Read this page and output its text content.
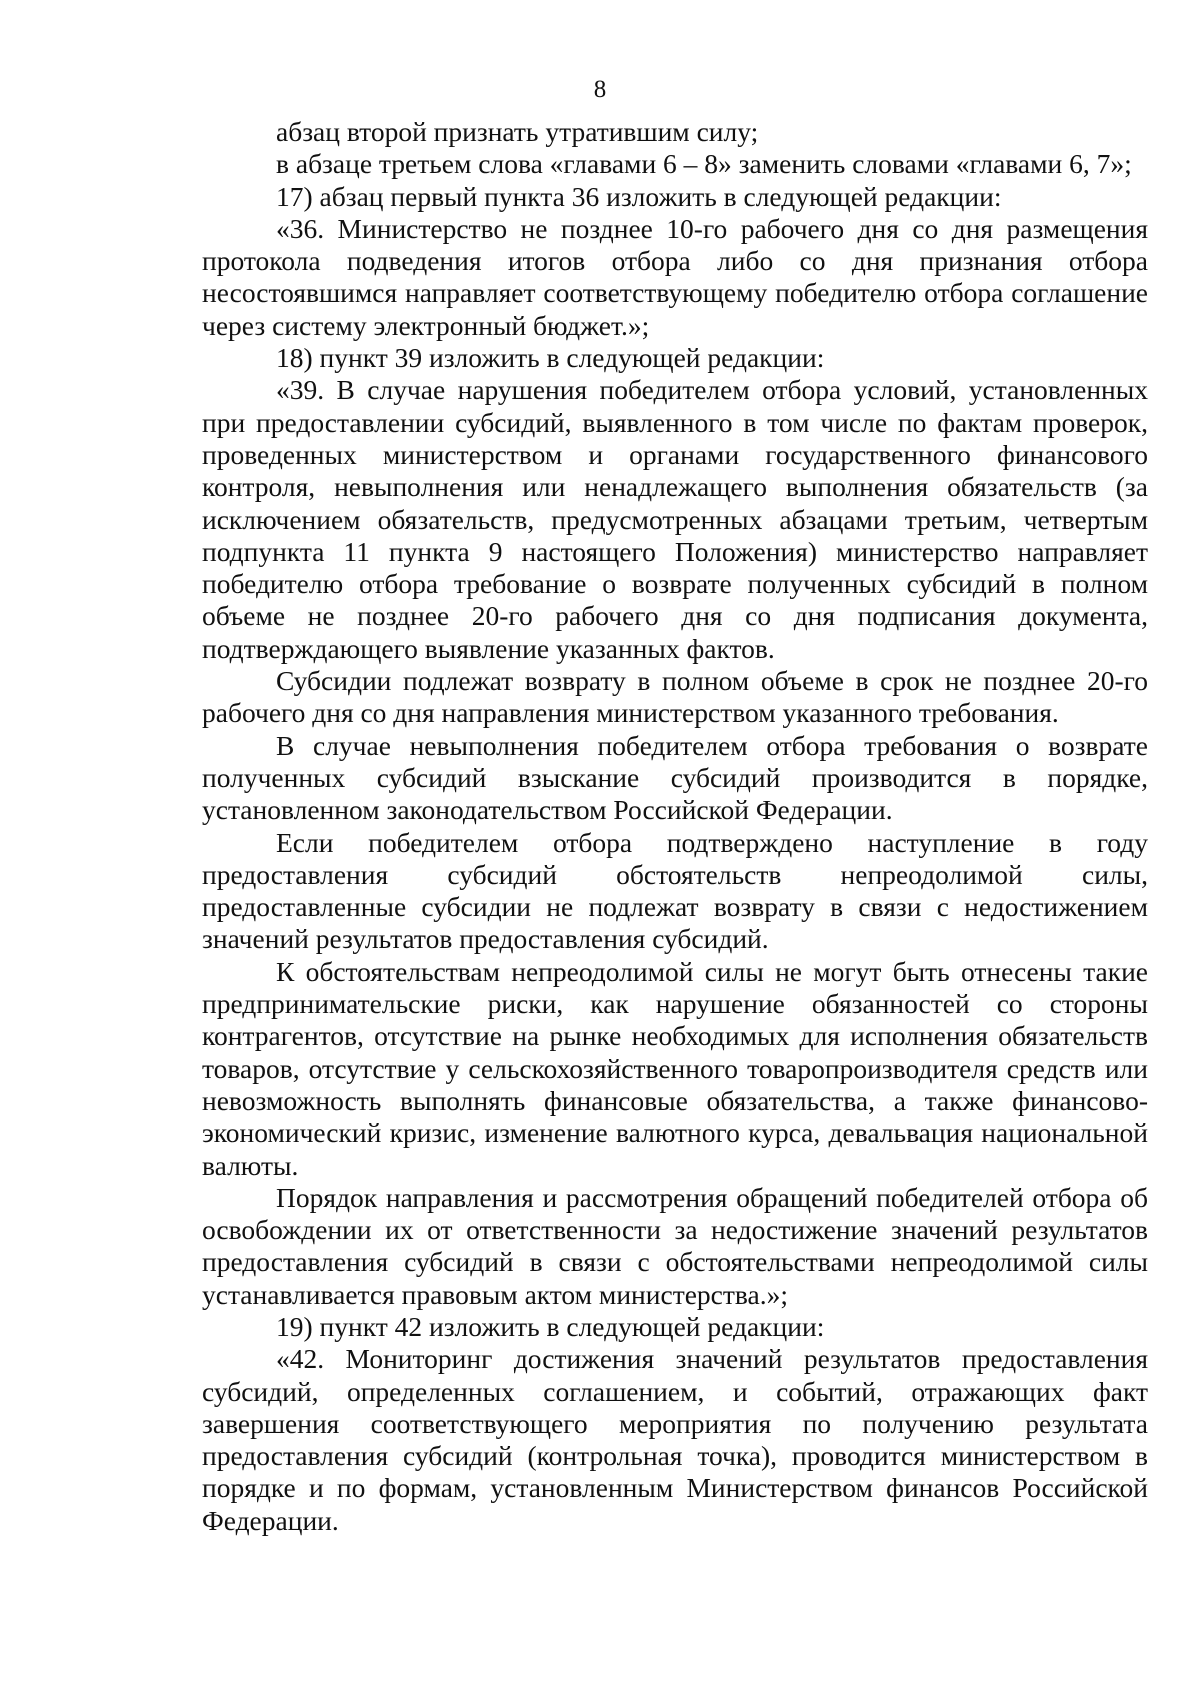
8

абзац второй признать утратившим силу;

в абзаце третьем слова «главами 6 – 8» заменить словами «главами 6, 7»;

17) абзац первый пункта 36 изложить в следующей редакции:

«36. Министерство не позднее 10-го рабочего дня со дня размещения протокола подведения итогов отбора либо со дня признания отбора несостоявшимся направляет соответствующему победителю отбора соглашение через систему электронный бюджет.»;

18) пункт 39 изложить в следующей редакции:

«39. В случае нарушения победителем отбора условий, установленных при предоставлении субсидий, выявленного в том числе по фактам проверок, проведенных министерством и органами государственного финансового контроля, невыполнения или ненадлежащего выполнения обязательств (за исключением обязательств, предусмотренных абзацами третьим, четвертым подпункта 11 пункта 9 настоящего Положения) министерство направляет победителю отбора требование о возврате полученных субсидий в полном объеме не позднее 20-го рабочего дня со дня подписания документа, подтверждающего выявление указанных фактов.

Субсидии подлежат возврату в полном объеме в срок не позднее 20-го рабочего дня со дня направления министерством указанного требования.

В случае невыполнения победителем отбора требования о возврате полученных субсидий взыскание субсидий производится в порядке, установленном законодательством Российской Федерации.

Если победителем отбора подтверждено наступление в году предоставления субсидий обстоятельств непреодолимой силы, предоставленные субсидии не подлежат возврату в связи с недостижением значений результатов предоставления субсидий.

К обстоятельствам непреодолимой силы не могут быть отнесены такие предпринимательские риски, как нарушение обязанностей со стороны контрагентов, отсутствие на рынке необходимых для исполнения обязательств товаров, отсутствие у сельскохозяйственного товаропроизводителя средств или невозможность выполнять финансовые обязательства, а также финансово-экономический кризис, изменение валютного курса, девальвация национальной валюты.

Порядок направления и рассмотрения обращений победителей отбора об освобождении их от ответственности за недостижение значений результатов предоставления субсидий в связи с обстоятельствами непреодолимой силы устанавливается правовым актом министерства.»;

19) пункт 42 изложить в следующей редакции:

«42. Мониторинг достижения значений результатов предоставления субсидий, определенных соглашением, и событий, отражающих факт завершения соответствующего мероприятия по получению результата предоставления субсидий (контрольная точка), проводится министерством в порядке и по формам, установленным Министерством финансов Российской Федерации.
